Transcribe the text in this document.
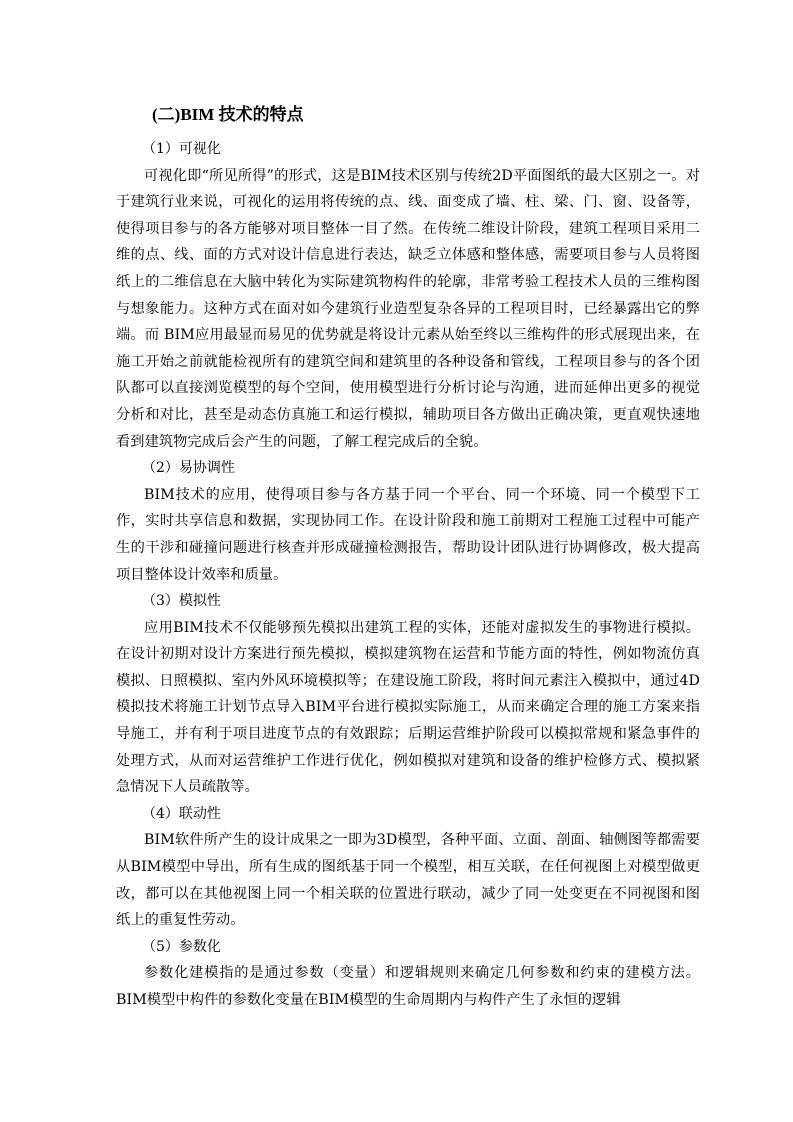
(二)BIM 技术的特点

（1）可视化

可视化即“所见所得”的形式，这是BIM技术区别与传统2D平面图纸的最大区别之一。对于建筑行业来说，可视化的运用将传统的点、线、面变成了墙、柱、梁、门、窗、设备等，使得项目参与的各方能够对项目整体一目了然。在传统二维设计阶段，建筑工程项目采用二维的点、线、面的方式对设计信息进行表达，缺乏立体感和整体感，需要项目参与人员将图纸上的二维信息在大脑中转化为实际建筑物构件的轮廓，非常考验工程技术人员的三维构图与想象能力。这种方式在面对如今建筑行业造型复杂各异的工程项目时，已经暴露出它的弊端。而 BIM应用最显而易见的优势就是将设计元素从始至终以三维构件的形式展现出来，在施工开始之前就能检视所有的建筑空间和建筑里的各种设备和管线，工程项目参与的各个团队都可以直接浏览模型的每个空间，使用模型进行分析讨论与沟通，进而延伸出更多的视觉分析和对比，甚至是动态仿真施工和运行模拟，辅助项目各方做出正确决策，更直观快速地看到建筑物完成后会产生的问题，了解工程完成后的全貌。

（2）易协调性

BIM技术的应用，使得项目参与各方基于同一个平台、同一个环境、同一个模型下工作，实时共享信息和数据，实现协同工作。在设计阶段和施工前期对工程施工过程中可能产生的干涉和碰撞问题进行核查并形成碰撞检测报告，帮助设计团队进行协调修改，极大提高项目整体设计效率和质量。

（3）模拟性

应用BIM技术不仅能够预先模拟出建筑工程的实体，还能对虚拟发生的事物进行模拟。在设计初期对设计方案进行预先模拟，模拟建筑物在运营和节能方面的特性，例如物流仿真模拟、日照模拟、室内外风环境模拟等；在建设施工阶段，将时间元素注入模拟中，通过4D模拟技术将施工计划节点导入BIM平台进行模拟实际施工，从而来确定合理的施工方案来指导施工，并有利于项目进度节点的有效跟踪；后期运营维护阶段可以模拟常规和紧急事件的处理方式，从而对运营维护工作进行优化，例如模拟对建筑和设备的维护检修方式、模拟紧急情况下人员疏散等。

（4）联动性

BIM软件所产生的设计成果之一即为3D模型，各种平面、立面、剖面、轴侧图等都需要从BIM模型中导出，所有生成的图纸基于同一个模型，相互关联，在任何视图上对模型做更改，都可以在其他视图上同一个相关联的位置进行联动，减少了同一处变更在不同视图和图纸上的重复性劳动。

（5）参数化

参数化建模指的是通过参数（变量）和逻辑规则来确定几何参数和约束的建模方法。BIM模型中构件的参数化变量在BIM模型的生命周期内与构件产生了永恒的逻辑
